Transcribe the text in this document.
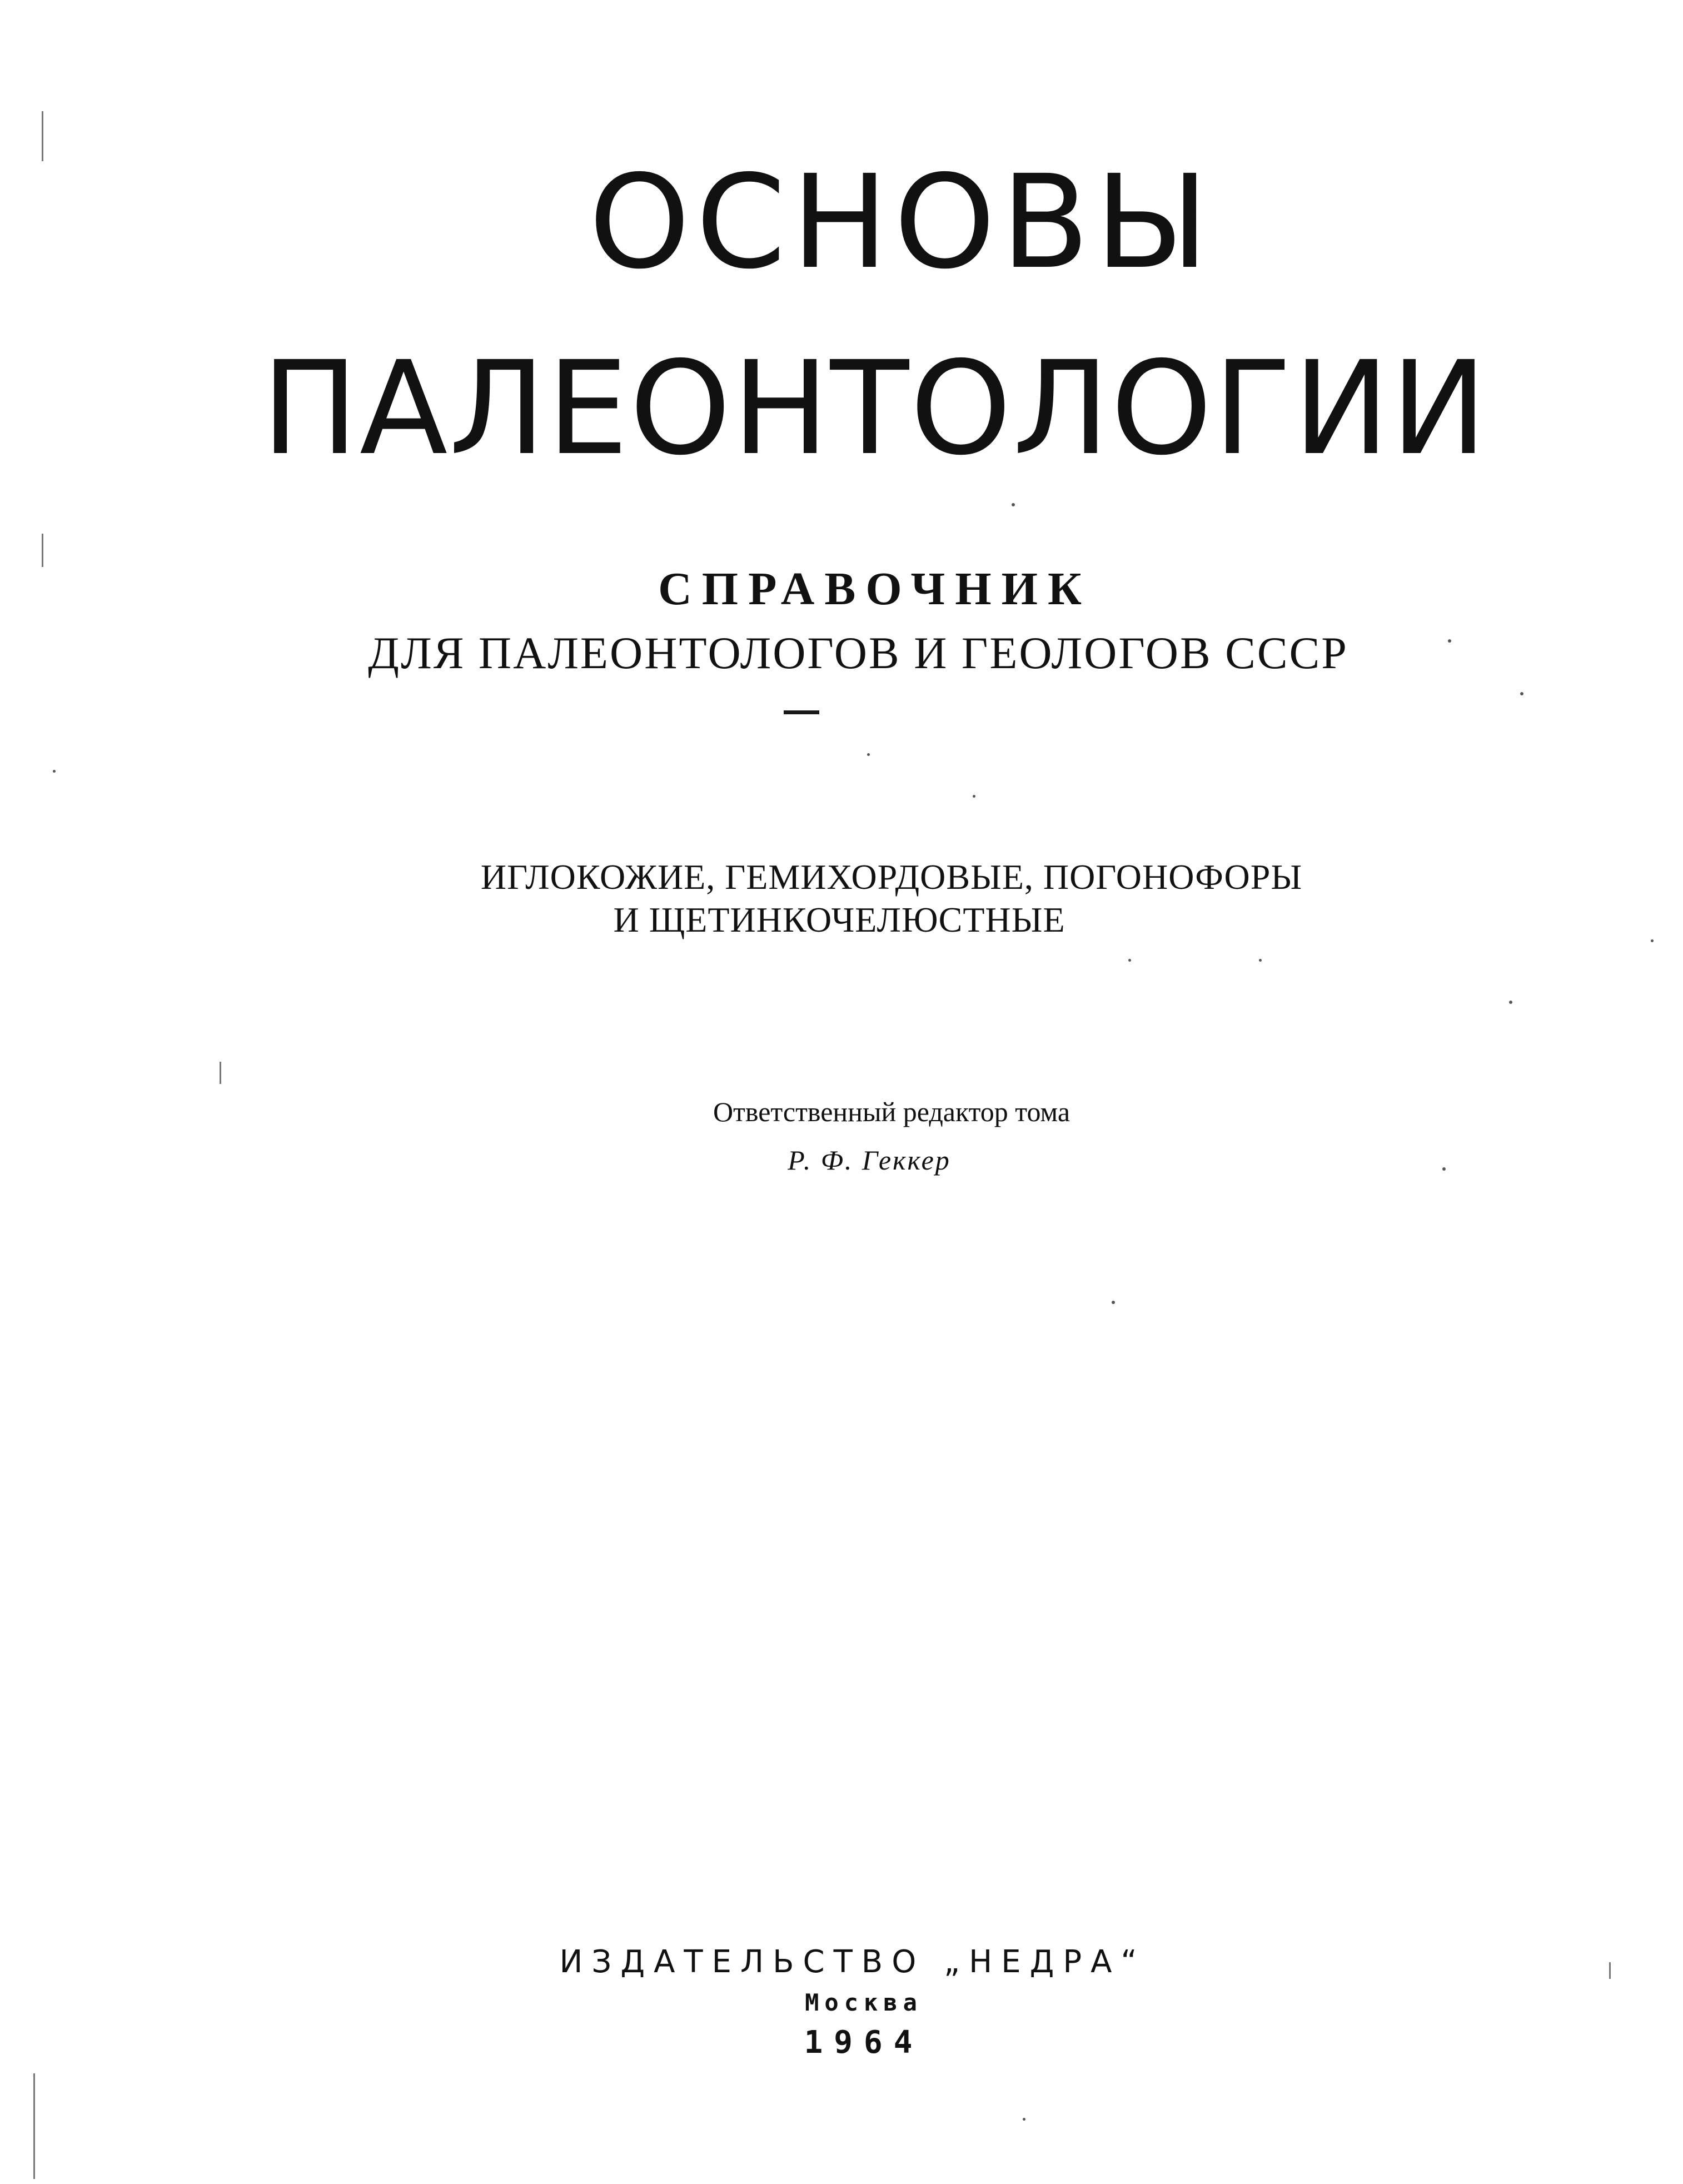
ОСНОВЫ
ПАЛЕОНТОЛОГИИ
СПРАВОЧНИК
ДЛЯ ПАЛЕОНТОЛОГОВ И ГЕОЛОГОВ СССР
ИГЛОКОЖИЕ, ГЕМИХОРДОВЫЕ, ПОГОНОФОРЫ
И ЩЕТИНКОЧЕЛЮСТНЫЕ
Ответственный редактор тома
Р. Ф. Геккер
ИЗДАТЕЛЬСТВО „НЕДРА“
Москва
1964
